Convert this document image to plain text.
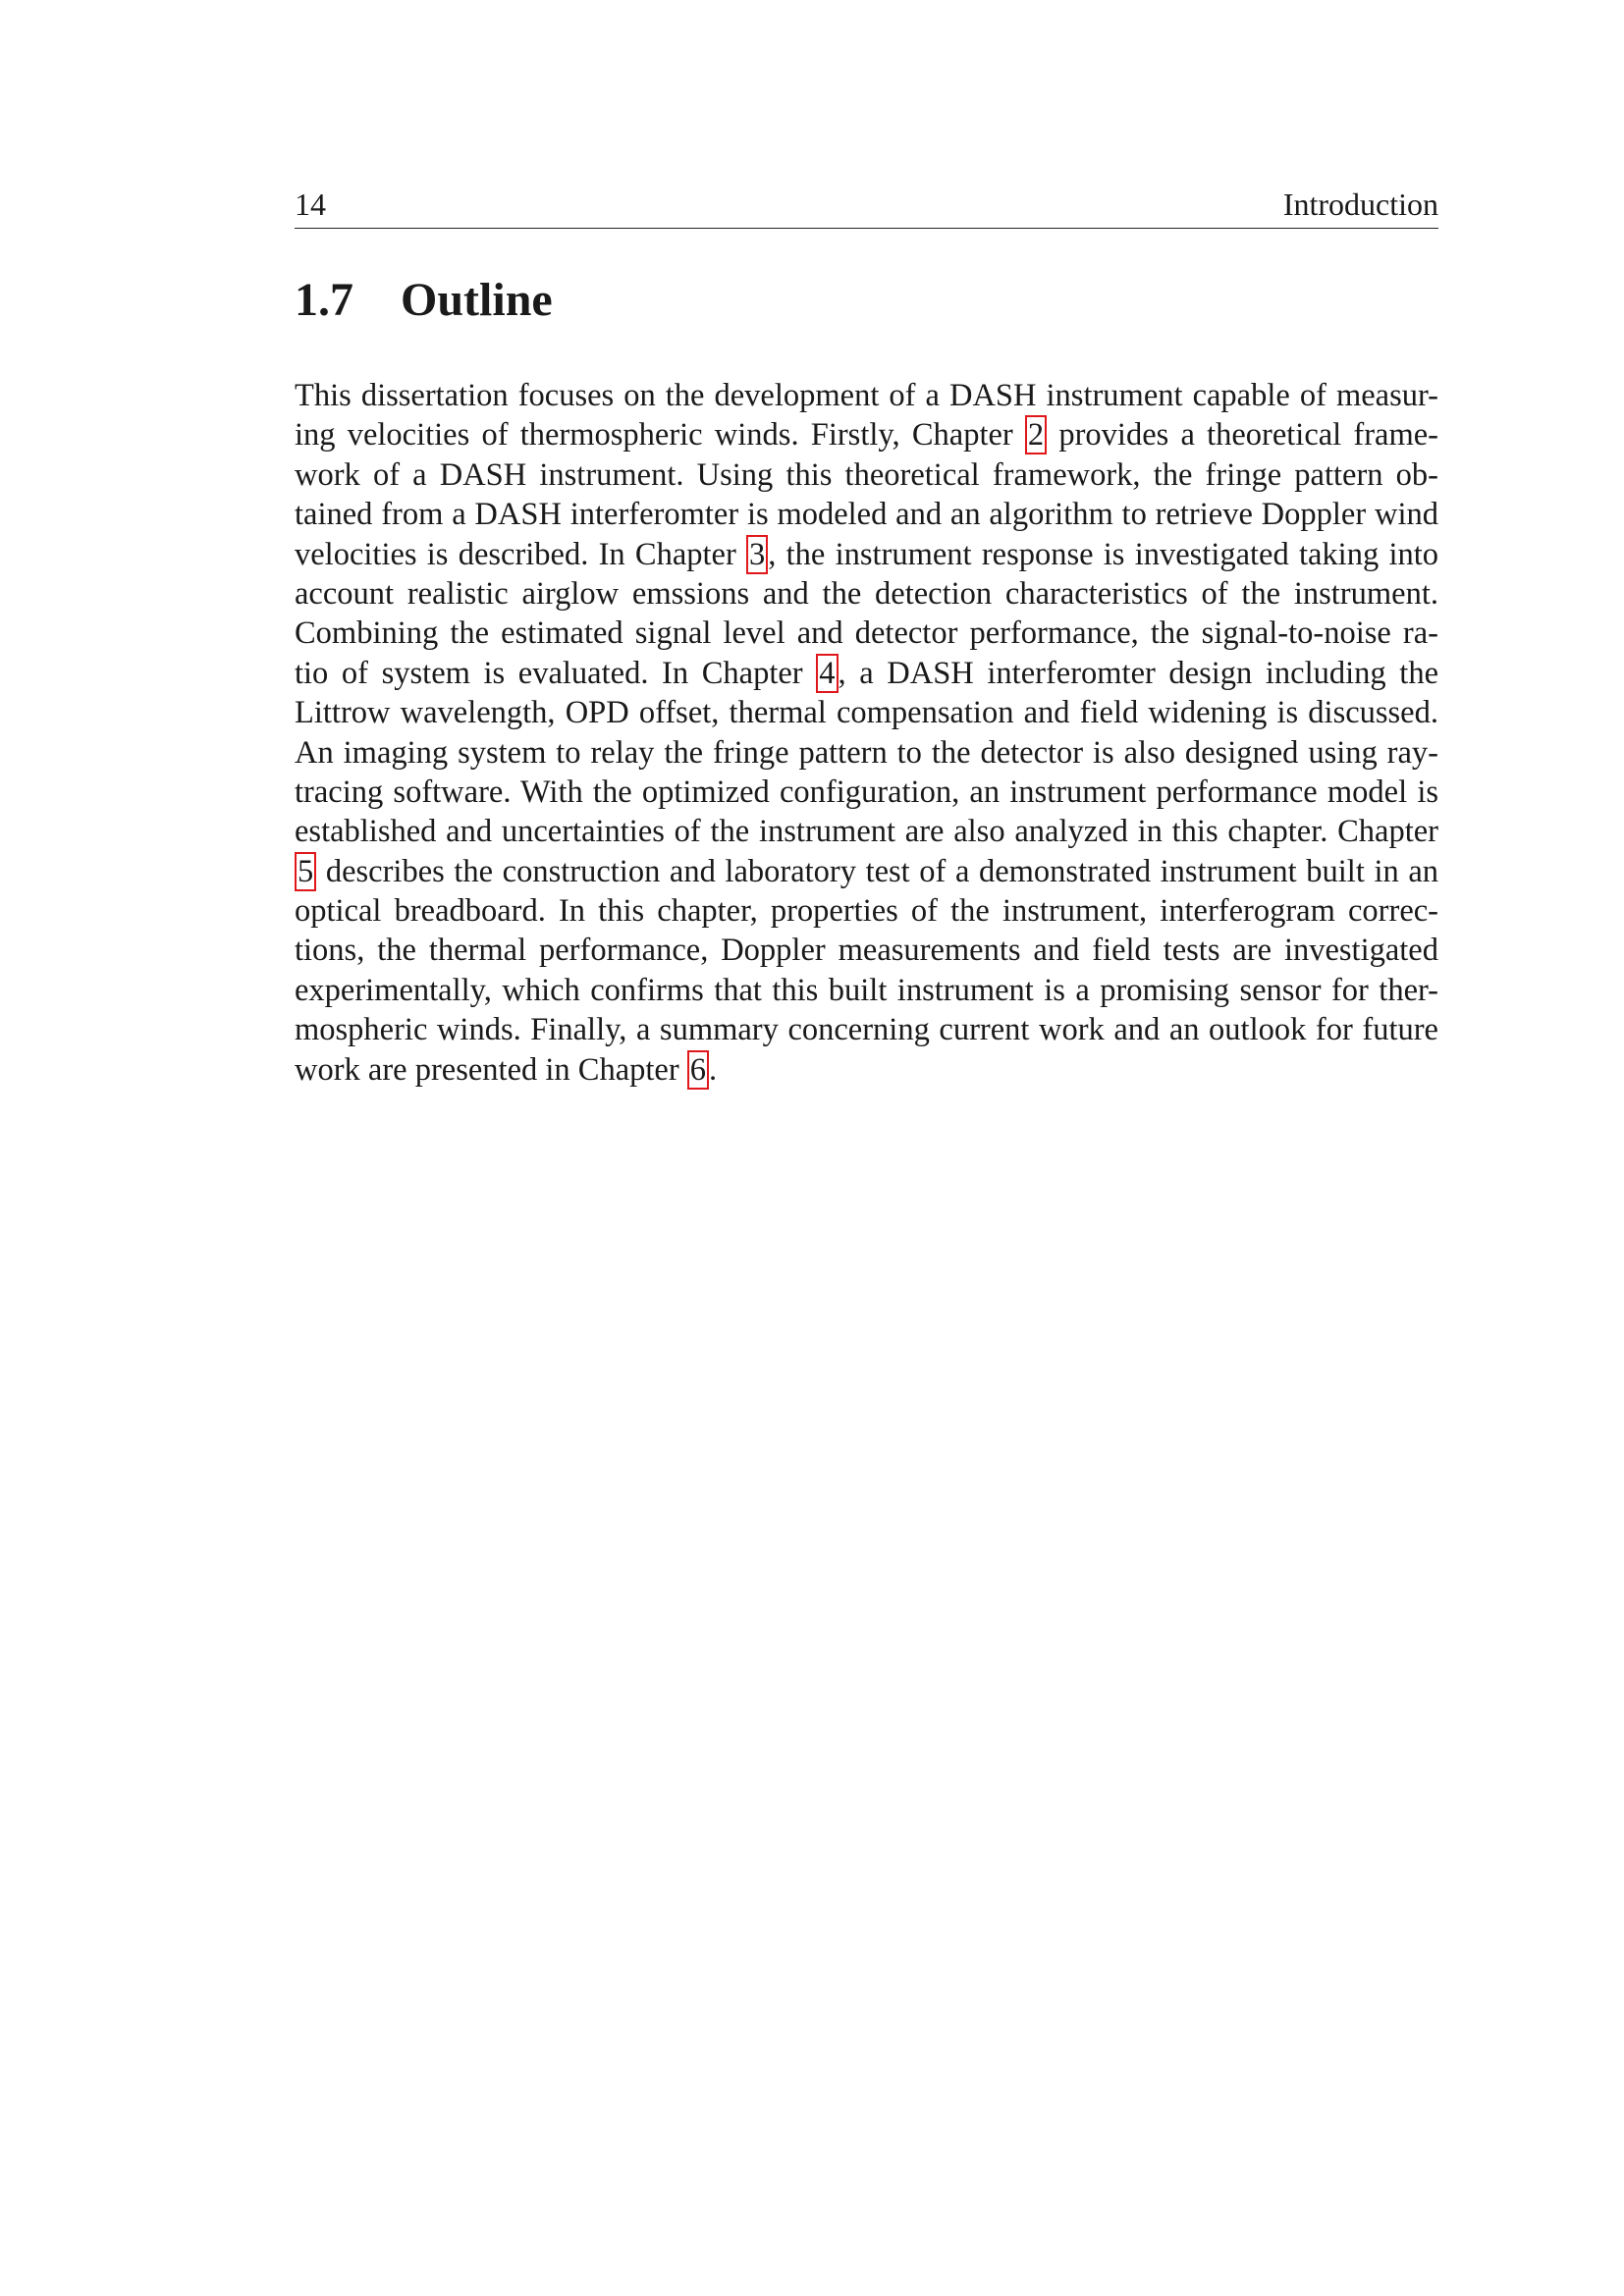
14	Introduction
1.7 Outline
This dissertation focuses on the development of a DASH instrument capable of measur-
ing velocities of thermospheric winds. Firstly, Chapter 2 provides a theoretical frame-
work of a DASH instrument. Using this theoretical framework, the fringe pattern ob-
tained from a DASH interferomter is modeled and an algorithm to retrieve Doppler wind
velocities is described. In Chapter 3, the instrument response is investigated taking into
account realistic airglow emssions and the detection characteristics of the instrument.
Combining the estimated signal level and detector performance, the signal-to-noise ra-
tio of system is evaluated. In Chapter 4, a DASH interferomter design including the
Littrow wavelength, OPD offset, thermal compensation and field widening is discussed.
An imaging system to relay the fringe pattern to the detector is also designed using ray-
tracing software. With the optimized configuration, an instrument performance model is
established and uncertainties of the instrument are also analyzed in this chapter. Chapter
5 describes the construction and laboratory test of a demonstrated instrument built in an
optical breadboard. In this chapter, properties of the instrument, interferogram correc-
tions, the thermal performance, Doppler measurements and field tests are investigated
experimentally, which confirms that this built instrument is a promising sensor for ther-
mospheric winds. Finally, a summary concerning current work and an outlook for future
work are presented in Chapter 6.
